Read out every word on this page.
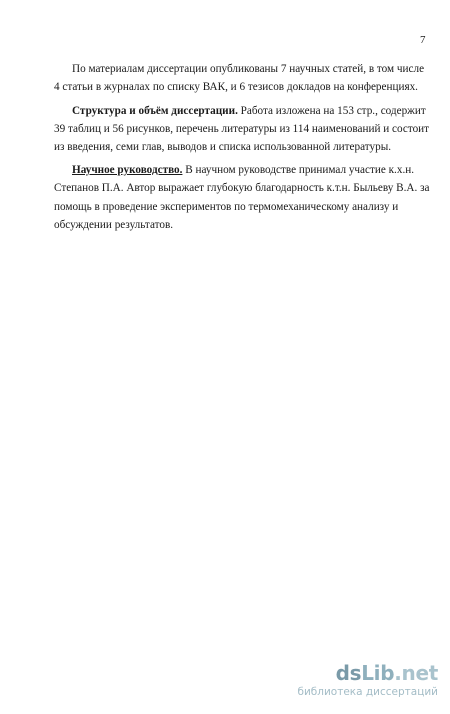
7
По материалам диссертации опубликованы 7 научных статей, в том числе
4 статьи в журналах по списку ВАК, и 6 тезисов докладов на конференциях.
Структура и объём диссертации. Работа изложена на 153 стр., содержит
39 таблиц и 56 рисунков, перечень литературы из 114 наименований и состоит
из введения, семи глав, выводов и списка использованной литературы.
Научное руководство. В научном руководстве принимал участие к.х.н.
Степанов П.А. Автор выражает глубокую благодарность к.т.н. Быльеву В.А. за
помощь в проведение экспериментов по термомеханическому анализу и
обсуждении результатов.
dsLib.net
библиотека диссертаций
